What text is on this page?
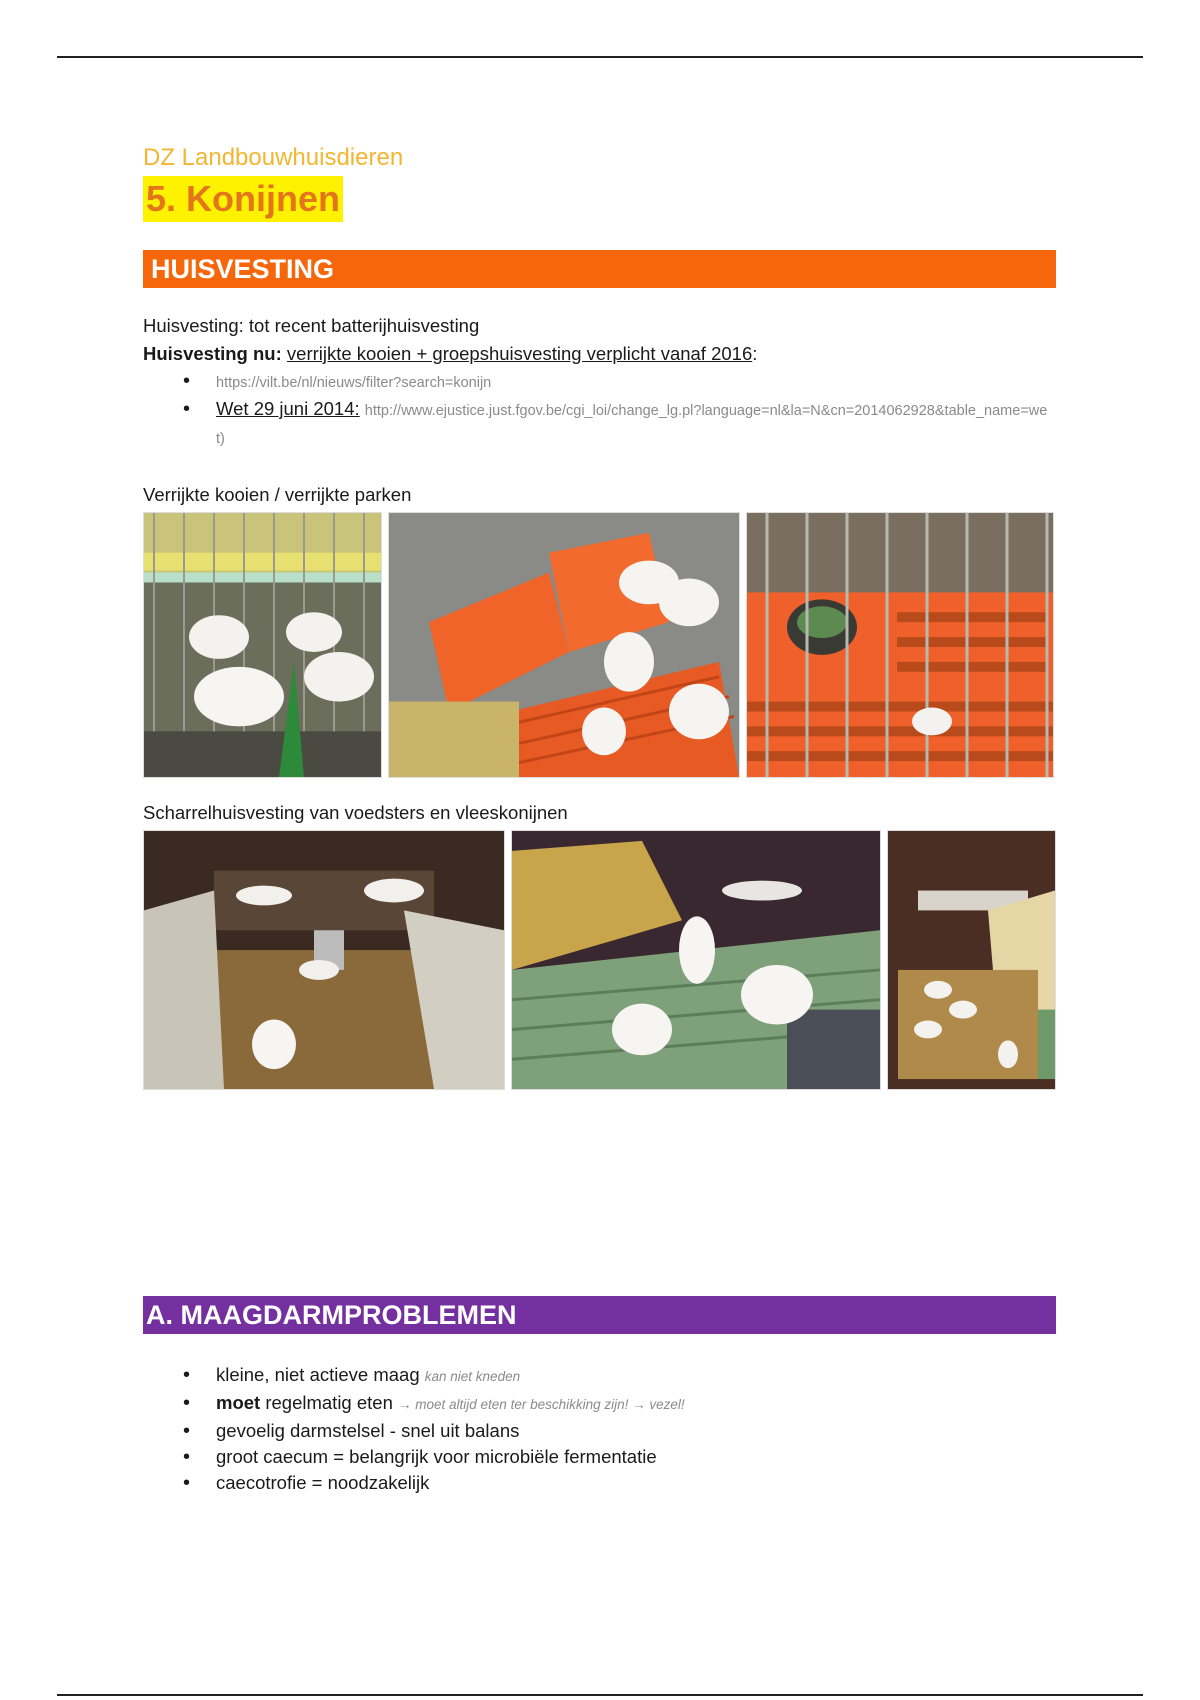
DZ Landbouwhuisdieren
5. Konijnen
HUISVESTING

Huisvesting: tot recent batterijhuisvesting

Huisvesting nu: verrijkte kooien + groepshuisvesting verplicht vanaf 2016:

• https://vilt.be/nl/nieuws/filter?search=konijn
• Wet 29 juni 2014: http://www.ejustice.just.fgov.be/cgi_loi/change_lg.pl?language=nl&la=N&cn=2014062928&table_name=wet)

Verrijkte kooien / verrijkte parken

Scharrelhuisvesting van voedsters en vleeskonijnen

A. MAAGDARMPROBLEMEN
• kleine, niet actieve maag kan niet kneden
• moet regelmatig eten → moet altijd eten ter beschikking zijn! → vezel!
• gevoelig darmstelsel - snel uit balans
• groot caecum = belangrijk voor microbiële fermentatie
• caecotrofie = noodzakelijk
